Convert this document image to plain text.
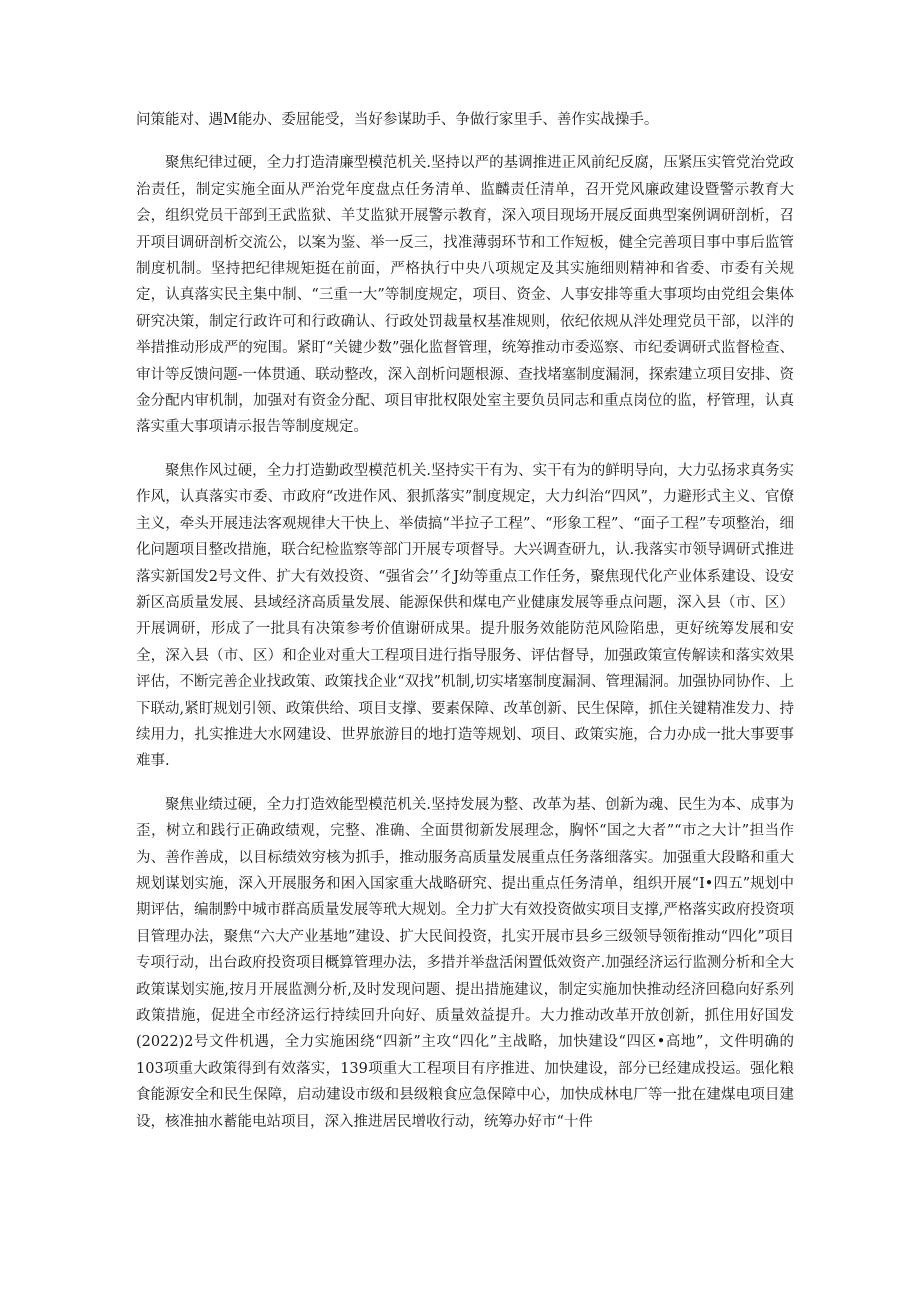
问策能对、遇M能办、委屈能受，当好参谋助手、争做行家里手、善作实战操手。

聚焦纪律过硬，全力打造清廉型模范机关.坚持以严的基调推进正风前纪反腐，压紧压实管党治党政治责任，制定实施全面从严治党年度盘点任务清单、监麟责任清单，召开党风廉政建设暨警示教育大会，组织党员干部到王武监狱、羊艾监狱开展警示教育，深入项目现场开展反面典型案例调研剖析，召开项目调研剖析交流公，以案为鉴、举一反三，找准薄弱环节和工作短板，健全完善项目事中事后监管制度机制。坚持把纪律规矩挺在前面，严格执行中央八项规定及其实施细则精神和省委、市委有关规定，认真落实民主集中制、“三重一大”等制度规定，项目、资金、人事安排等重大事项均由党组会集体研究决策，制定行政许可和行政确认、行政处罚裁量权基准规则，依纪依规从泮处理党员干部，以泮的举措推动形成严的宛围。紧盯“关键少数”强化监督管理，统筹推动市委巡察、市纪委调研式监督检查、审计等反馈问题-一体贯通、联动整改，深入剖析问题根源、查找堵塞制度漏洞，探索建立项目安排、资金分配内审机制，加强对有资金分配、项目审批权限处室主要负员同志和重点岗位的监，杼管理，认真落实重大事项请示报告等制度规定。

聚焦作风过硬，全力打造勤政型模范机关.坚持实干有为、实干有为的鲜明导向，大力弘扬求真务实作风，认真落实市委、市政府“改进作风、狠抓落实”制度规定，大力纠治“四风”，力避形式主义、官僚主义，牵头开展违法客观规律大干快上、举债搞“半拉子工程”、“形象工程”、“面子工程”专项整治，细化问题项目整改措施，联合纪检监察等部门开展专项督导。大兴调查研九，认.我落实市领导调研式推进落实新国发2号文件、扩大有效投资、“强省会’’彳J幼等重点工作任务，聚焦现代化产业体系建设、设安新区高质量发展、县域经济高质量发展、能源保供和煤电产业健康发展等垂点问题，深入县（市、区）开展调研，形成了一批具有决策参考价值谢研成果。提升服务效能防范风险陷患，更好统筹发展和安全，深入县（市、区）和企业对重大工程项目进行指导服务、评估督导，加强政策宣传解读和落实效果评估，不断完善企业找政策、政策找企业“双找”机制,切实堵塞制度漏洞、管理漏洞。加强协同协作、上下联动,紧盯规划引领、政策供给、项目支撑、要素保障、改革创新、民生保障，抓住关键精准发力、持续用力，扎实推进大水网建设、世界旅游目的地打造等规划、项目、政策实施，合力办成一批大事要事难事.

聚焦业绩过硬，全力打造效能型模范机关.坚持发展为整、改革为基、创新为魂、民生为本、成事为歪，树立和践行正确政绩观，完整、准确、全面贯彻新发展理念，胸怀“国之大者”“市之大计”担当作为、善作善成，以目标绩效穷核为抓手，推动服务高质量发展重点任务落细落实。加强重大段略和重大规划谋划实施，深入开展服务和困入国家重大战略研究、提出重点任务清单，组织开展“I•四五”规划中期评估，编制黔中城市群高质量发展等玳大规划。全力扩大有效投资做实项目支撑,严格落实政府投资项目管理办法，聚焦“六大产业基地”建设、扩大民间投资，扎实开展市县乡三级领导领衔推动“四化”项目专项行动，出台政府投资项目概算管理办法，多措并举盘活闲置低效资产.加强经济运行监测分析和全大政策谋划实施,按月开展监测分析,及时发现问题、提出措施建议，制定实施加快推动经济回稳向好系列政策措施，促进全市经济运行持续回升向好、质量效益提升。大力推动改革开放创新，抓住用好国发(2022)2号文件机遇，全力实施困绕“四新”主攻“四化”主战略，加快建设“四区•高地”，文件明确的103项重大政策得到有效落实，139项重大工程项目有序推进、加快建设，部分已经建成投运。强化粮食能源安全和民生保障，启动建设市级和县级粮食应急保障中心，加快成林电厂等一批在建煤电项目建设，核准抽水蓄能电站项目，深入推进居民增收行动，统筹办好市“十件
